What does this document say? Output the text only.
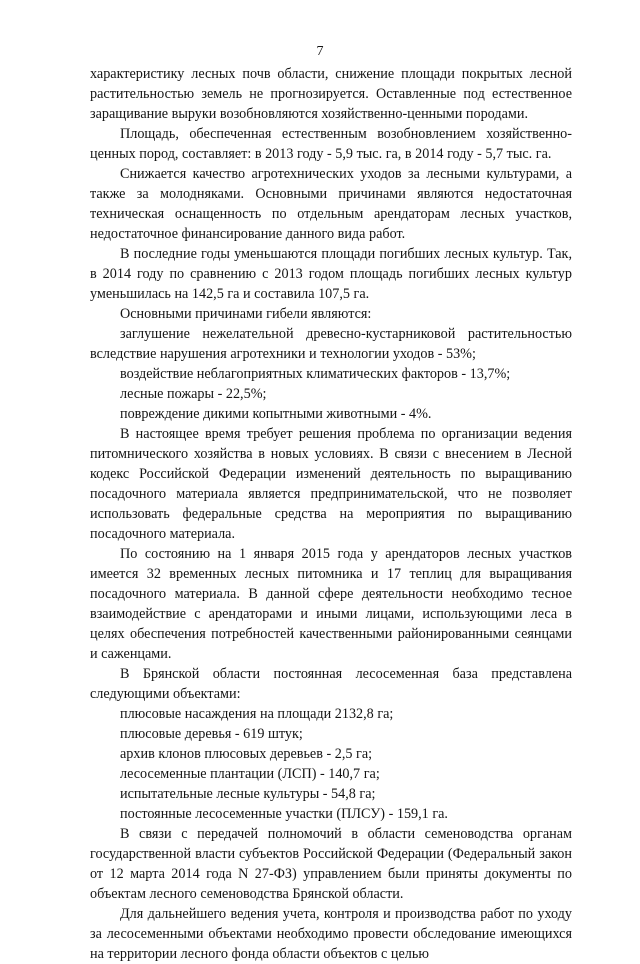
7

характеристику лесных почв области, снижение площади покрытых лесной растительностью земель не прогнозируется. Оставленные под естественное заращивание выруки возобновляются хозяйственно-ценными породами.

Площадь, обеспеченная естественным возобновлением хозяйственно-ценных пород, составляет: в 2013 году - 5,9 тыс. га, в 2014 году - 5,7 тыс. га.

Снижается качество агротехнических уходов за лесными культурами, а также за молодняками. Основными причинами являются недостаточная техническая оснащенность по отдельным арендаторам лесных участков, недостаточное финансирование данного вида работ.

В последние годы уменьшаются площади погибших лесных культур. Так, в 2014 году по сравнению с 2013 годом площадь погибших лесных культур уменьшилась на 142,5 га и составила 107,5 га.

Основными причинами гибели являются:

заглушение нежелательной древесно-кустарниковой растительностью вследствие нарушения агротехники и технологии уходов - 53%;

воздействие неблагоприятных климатических факторов - 13,7%;

лесные пожары - 22,5%;

повреждение дикими копытными животными - 4%.

В настоящее время требует решения проблема по организации ведения питомнического хозяйства в новых условиях. В связи с внесением в Лесной кодекс Российской Федерации изменений деятельность по выращиванию посадочного материала является предпринимательской, что не позволяет использовать федеральные средства на мероприятия по выращиванию посадочного материала.

По состоянию на 1 января 2015 года у арендаторов лесных участков имеется 32 временных лесных питомника и 17 теплиц для выращивания посадочного материала. В данной сфере деятельности необходимо тесное взаимодействие с арендаторами и иными лицами, использующими леса в целях обеспечения потребностей качественными районированными сеянцами и саженцами.

В Брянской области постоянная лесосеменная база представлена следующими объектами:

плюсовые насаждения на площади 2132,8 га;

плюсовые деревья - 619 штук;

архив клонов плюсовых деревьев - 2,5 га;

лесосеменные плантации (ЛСП) - 140,7 га;

испытательные лесные культуры - 54,8 га;

постоянные лесосеменные участки (ПЛСУ) - 159,1 га.

В связи с передачей полномочий в области семеноводства органам государственной власти субъектов Российской Федерации (Федеральный закон от 12 марта 2014 года N 27-ФЗ) управлением были приняты документы по объектам лесного семеноводства Брянской области.

Для дальнейшего ведения учета, контроля и производства работ по уходу за лесосеменными объектами необходимо провести обследование имеющихся на территории лесного фонда области объектов с целью
